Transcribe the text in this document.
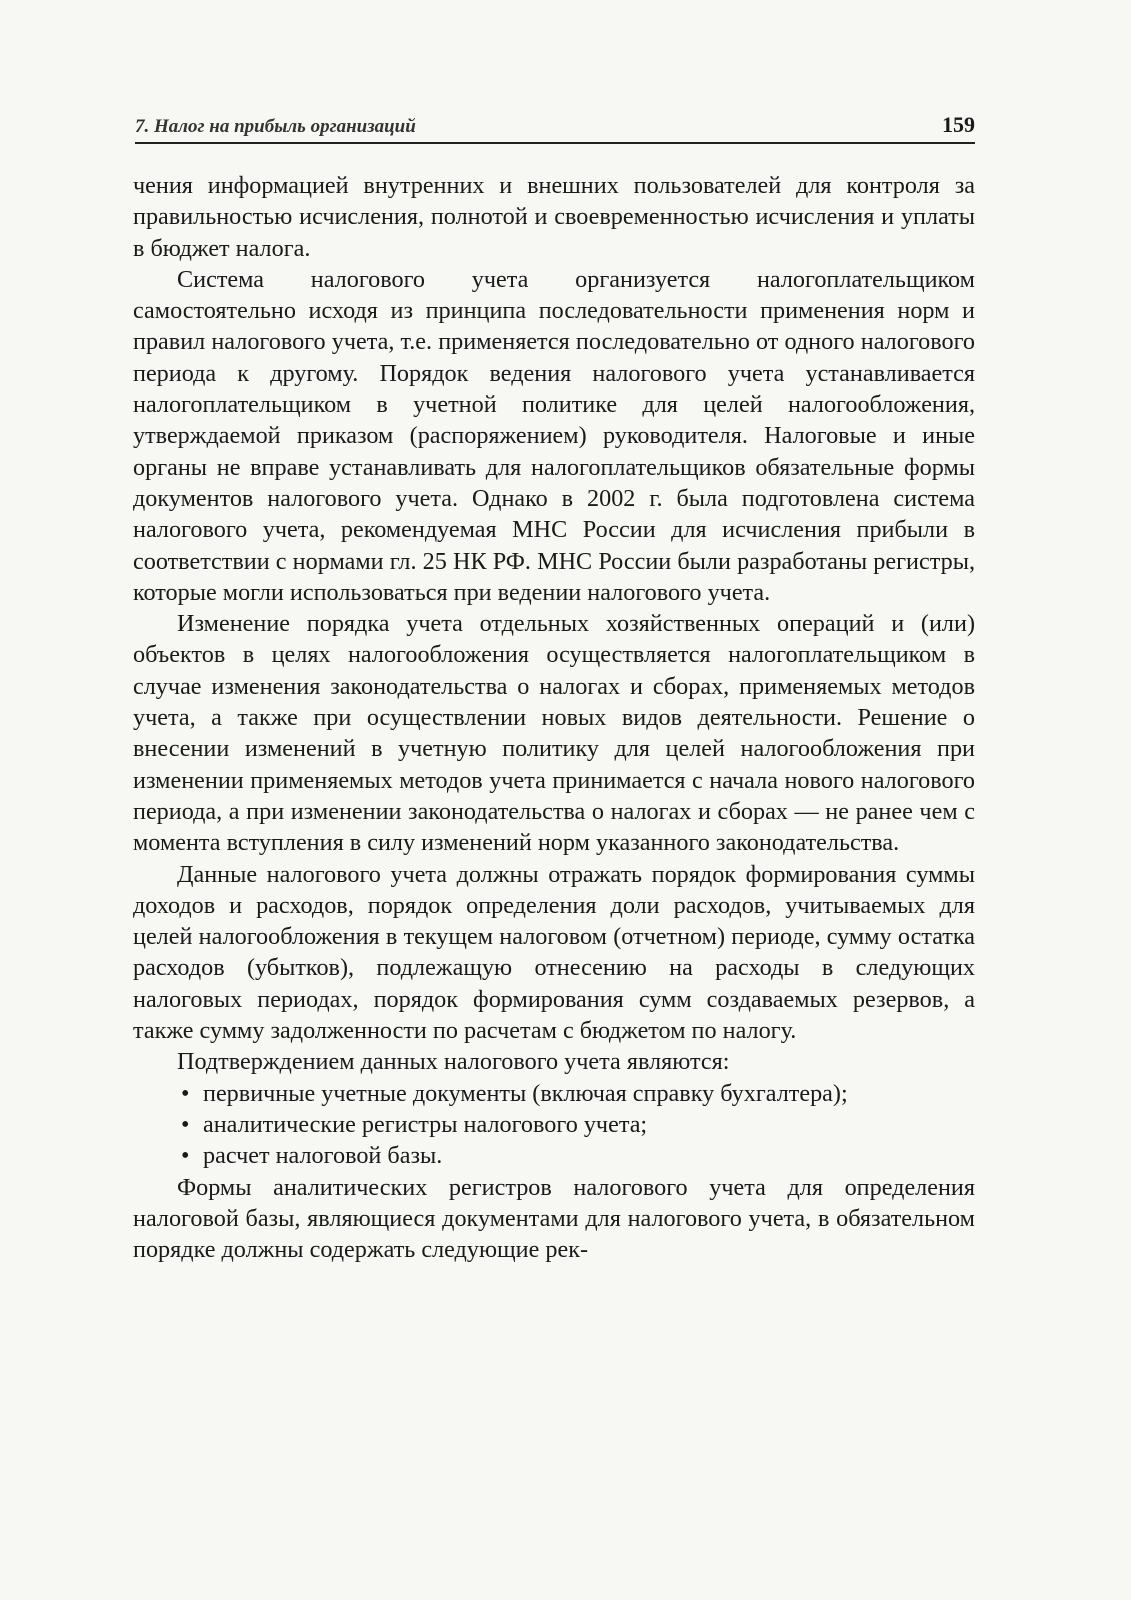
7. Налог на прибыль организаций	159

чения информацией внутренних и внешних пользователей для контроля за правильностью исчисления, полнотой и своевременностью исчисления и уплаты в бюджет налога.

Система налогового учета организуется налогоплательщиком самостоятельно исходя из принципа последовательности применения норм и правил налогового учета, т.е. применяется последовательно от одного налогового периода к другому. Порядок ведения налогового учета устанавливается налогоплательщиком в учетной политике для целей налогообложения, утверждаемой приказом (распоряжением) руководителя. Налоговые и иные органы не вправе устанавливать для налогоплательщиков обязательные формы документов налогового учета. Однако в 2002 г. была подготовлена система налогового учета, рекомендуемая МНС России для исчисления прибыли в соответствии с нормами гл. 25 НК РФ. МНС России были разработаны регистры, которые могли использоваться при ведении налогового учета.

Изменение порядка учета отдельных хозяйственных операций и (или) объектов в целях налогообложения осуществляется налогоплательщиком в случае изменения законодательства о налогах и сборах, применяемых методов учета, а также при осуществлении новых видов деятельности. Решение о внесении изменений в учетную политику для целей налогообложения при изменении применяемых методов учета принимается с начала нового налогового периода, а при изменении законодательства о налогах и сборах — не ранее чем с момента вступления в силу изменений норм указанного законодательства.

Данные налогового учета должны отражать порядок формирования суммы доходов и расходов, порядок определения доли расходов, учитываемых для целей налогообложения в текущем налоговом (отчетном) периоде, сумму остатка расходов (убытков), подлежащую отнесению на расходы в следующих налоговых периодах, порядок формирования сумм создаваемых резервов, а также сумму задолженности по расчетам с бюджетом по налогу.

Подтверждением данных налогового учета являются:

• первичные учетные документы (включая справку бухгалтера);
• аналитические регистры налогового учета;
• расчет налоговой базы.

Формы аналитических регистров налогового учета для определения налоговой базы, являющиеся документами для налогового учета, в обязательном порядке должны содержать следующие рек-
